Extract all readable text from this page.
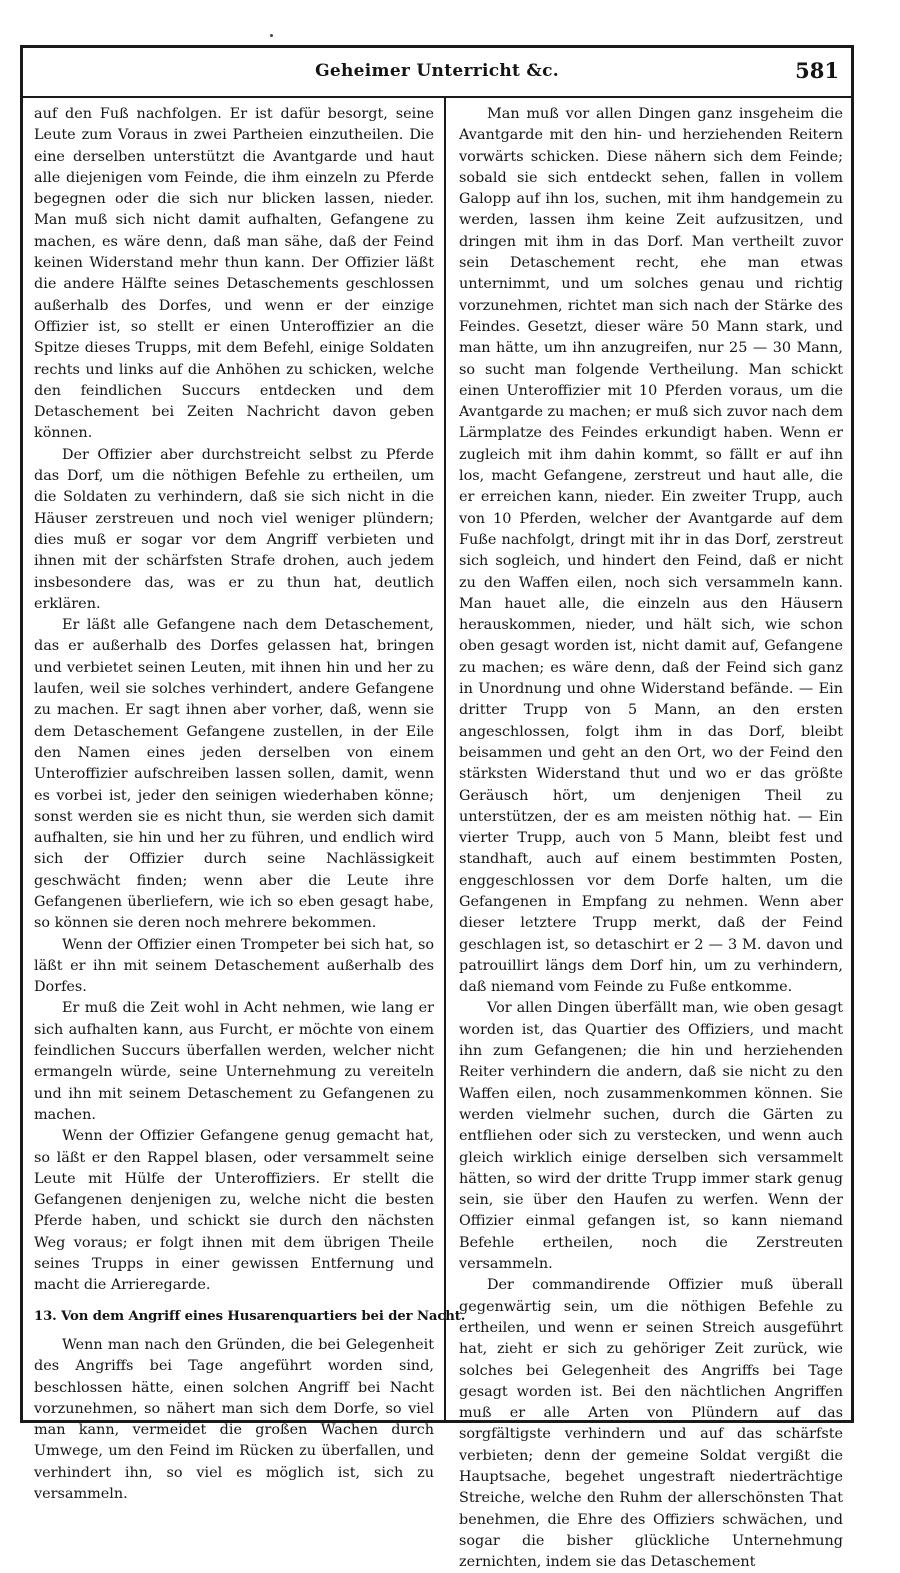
Geheimer Unterricht &c.	581

auf den Fuß nachfolgen. Er ist dafür besorgt, seine Leute zum Voraus in zwei Partheien einzutheilen. Die eine derselben unterstützt die Avantgarde und haut alle diejenigen vom Feinde, die ihm einzeln zu Pferde begegnen oder die sich nur blicken lassen, nieder. Man muß sich nicht damit aufhalten, Gefangene zu machen, es wäre denn, daß man sähe, daß der Feind keinen Widerstand mehr thun kann. Der Offizier läßt die andere Hälfte seines Detaschements geschlossen außerhalb des Dorfes, und wenn er der einzige Offizier ist, so stellt er einen Unteroffizier an die Spitze dieses Trupps, mit dem Befehl, einige Soldaten rechts und links auf die Anhöhen zu schicken, welche den feindlichen Succurs entdecken und dem Detaschement bei Zeiten Nachricht davon geben können.

Der Offizier aber durchstreicht selbst zu Pferde das Dorf, um die nöthigen Befehle zu ertheilen, um die Soldaten zu verhindern, daß sie sich nicht in die Häuser zerstreuen und noch viel weniger plündern; dies muß er sogar vor dem Angriff verbieten und ihnen mit der schärfsten Strafe drohen, auch jedem insbesondere das, was er zu thun hat, deutlich erklären.

Er läßt alle Gefangene nach dem Detaschement, das er außerhalb des Dorfes gelassen hat, bringen und verbietet seinen Leuten, mit ihnen hin und her zu laufen, weil sie solches verhindert, andere Gefangene zu machen. Er sagt ihnen aber vorher, daß, wenn sie dem Detaschement Gefangene zustellen, in der Eile den Namen eines jeden derselben von einem Unteroffizier aufschreiben lassen sollen, damit, wenn es vorbei ist, jeder den seinigen wiederhaben könne; sonst werden sie es nicht thun, sie werden sich damit aufhalten, sie hin und her zu führen, und endlich wird sich der Offizier durch seine Nachlässigkeit geschwächt finden; wenn aber die Leute ihre Gefangenen überliefern, wie ich so eben gesagt habe, so können sie deren noch mehrere bekommen.

Wenn der Offizier einen Trompeter bei sich hat, so läßt er ihn mit seinem Detaschement außerhalb des Dorfes.

Er muß die Zeit wohl in Acht nehmen, wie lang er sich aufhalten kann, aus Furcht, er möchte von einem feindlichen Succurs überfallen werden, welcher nicht ermangeln würde, seine Unternehmung zu vereiteln und ihn mit seinem Detaschement zu Gefangenen zu machen.

Wenn der Offizier Gefangene genug gemacht hat, so läßt er den Rappel blasen, oder versammelt seine Leute mit Hülfe der Unteroffiziers. Er stellt die Gefangenen denjenigen zu, welche nicht die besten Pferde haben, und schickt sie durch den nächsten Weg voraus; er folgt ihnen mit dem übrigen Theile seines Trupps in einer gewissen Entfernung und macht die Arrieregarde.

13. Von dem Angriff eines Husarenquartiers bei der Nacht.

Wenn man nach den Gründen, die bei Gelegenheit des Angriffs bei Tage angeführt worden sind, beschlossen hätte, einen solchen Angriff bei Nacht vorzunehmen, so nähert man sich dem Dorfe, so viel man kann, vermeidet die großen Wachen durch Umwege, um den Feind im Rücken zu überfallen, und verhindert ihn, so viel es möglich ist, sich zu versammeln.

Man muß vor allen Dingen ganz insgeheim die Avantgarde mit den hin- und herziehenden Reitern vorwärts schicken. Diese nähern sich dem Feinde; sobald sie sich entdeckt sehen, fallen in vollem Galopp auf ihn los, suchen, mit ihm handgemein zu werden, lassen ihm keine Zeit aufzusitzen, und dringen mit ihm in das Dorf. Man vertheilt zuvor sein Detaschement recht, ehe man etwas unternimmt, und um solches genau und richtig vorzunehmen, richtet man sich nach der Stärke des Feindes. Gesetzt, dieser wäre 50 Mann stark, und man hätte, um ihn anzugreifen, nur 25 — 30 Mann, so sucht man folgende Vertheilung. Man schickt einen Unteroffizier mit 10 Pferden voraus, um die Avantgarde zu machen; er muß sich zuvor nach dem Lärmplatze des Feindes erkundigt haben. Wenn er zugleich mit ihm dahin kommt, so fällt er auf ihn los, macht Gefangene, zerstreut und haut alle, die er erreichen kann, nieder. Ein zweiter Trupp, auch von 10 Pferden, welcher der Avantgarde auf dem Fuße nachfolgt, dringt mit ihr in das Dorf, zerstreut sich sogleich, und hindert den Feind, daß er nicht zu den Waffen eilen, noch sich versammeln kann. Man hauet alle, die einzeln aus den Häusern herauskommen, nieder, und hält sich, wie schon oben gesagt worden ist, nicht damit auf, Gefangene zu machen; es wäre denn, daß der Feind sich ganz in Unordnung und ohne Widerstand befände. — Ein dritter Trupp von 5 Mann, an den ersten angeschlossen, folgt ihm in das Dorf, bleibt beisammen und geht an den Ort, wo der Feind den stärksten Widerstand thut und wo er das größte Geräusch hört, um denjenigen Theil zu unterstützen, der es am meisten nöthig hat. — Ein vierter Trupp, auch von 5 Mann, bleibt fest und standhaft, auch auf einem bestimmten Posten, enggeschlossen vor dem Dorfe halten, um die Gefangenen in Empfang zu nehmen. Wenn aber dieser letztere Trupp merkt, daß der Feind geschlagen ist, so detaschirt er 2 — 3 M. davon und patrouillirt längs dem Dorf hin, um zu verhindern, daß niemand vom Feinde zu Fuße entkomme.

Vor allen Dingen überfällt man, wie oben gesagt worden ist, das Quartier des Offiziers, und macht ihn zum Gefangenen; die hin und herziehenden Reiter verhindern die andern, daß sie nicht zu den Waffen eilen, noch zusammenkommen können. Sie werden vielmehr suchen, durch die Gärten zu entfliehen oder sich zu verstecken, und wenn auch gleich wirklich einige derselben sich versammelt hätten, so wird der dritte Trupp immer stark genug sein, sie über den Haufen zu werfen. Wenn der Offizier einmal gefangen ist, so kann niemand Befehle ertheilen, noch die Zerstreuten versammeln.

Der commandirende Offizier muß überall gegenwärtig sein, um die nöthigen Befehle zu ertheilen, und wenn er seinen Streich ausgeführt hat, zieht er sich zu gehöriger Zeit zurück, wie solches bei Gelegenheit des Angriffs bei Tage gesagt worden ist. Bei den nächtlichen Angriffen muß er alle Arten von Plündern auf das sorgfältigste verhindern und auf das schärfste verbieten; denn der gemeine Soldat vergißt die Hauptsache, begehet ungestraft niederträchtige Streiche, welche den Ruhm der allerschönsten That benehmen, die Ehre des Offiziers schwächen, und sogar die bisher glückliche Unternehmung zernichten, indem sie das Detaschement
